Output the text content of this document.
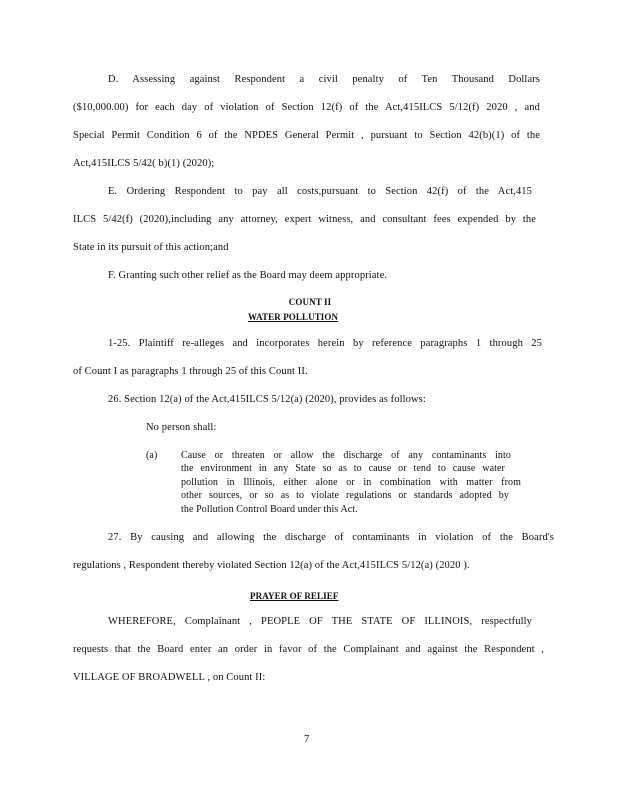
D. Assessing against Respondent a civil penalty of Ten Thousand Dollars
($10,000.00) for each day of violation of Section 12(f) of the Act,415ILCS 5/12(f) 2020 , and
Special Permit Condition 6 of the NPDES General Permit , pursuant to Section 42(b)(1) of the
Act,415ILCS 5/42( b)(1) (2020);
E. Ordering Respondent to pay all costs,pursuant to Section 42(f) of the Act,415
ILCS 5/42(f) (2020),including any attorney, expert witness, and consultant fees expended by the
State in its pursuit of this action;and
F. Granting such other relief as the Board may deem appropriate.
COUNT II
WATER POLLUTION
1-25. Plaintiff re-alleges and incorporates herein by reference paragraphs 1 through 25
of Count I as paragraphs 1 through 25 of this Count II.
26. Section 12(a) of the Act,415ILCS 5/12(a) (2020), provides as follows:
No person shall:
(a) Cause or threaten or allow the discharge of any contaminants into
the environment in any State so as to cause or tend to cause water
pollution in Illinois, either alone or in combination with matter from
other sources, or so as to violate regulations or standards adopted by
the Pollution Control Board under this Act.
27. By causing and allowing the discharge of contaminants in violation of the Board's
regulations , Respondent thereby violated Section 12(a) of the Act,415ILCS 5/12(a) (2020 ).
PRAYER OF RELIEF
WHEREFORE, Complainant , PEOPLE OF THE STATE OF ILLINOIS, respectfully
requests that the Board enter an order in favor of the Complainant and against the Respondent ,
VILLAGE OF BROADWELL , on Count II:
7
